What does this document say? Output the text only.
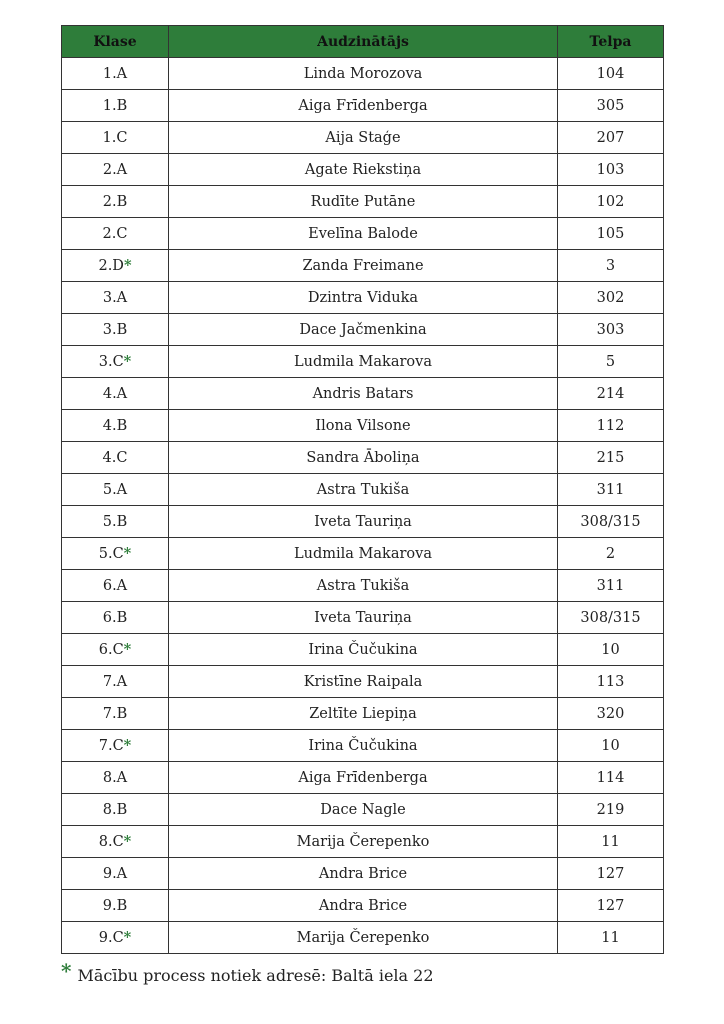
Klase	Audzinātājs	Telpa
1.A	Linda Morozova	104
1.B	Aiga Frīdenberga	305
1.C	Aija Staģe	207
2.A	Agate Riekstiņa	103
2.B	Rudīte Putāne	102
2.C	Evelīna Balode	105
2.D*	Zanda Freimane	3
3.A	Dzintra Viduka	302
3.B	Dace Jačmenkina	303
3.C*	Ludmila Makarova	5
4.A	Andris Batars	214
4.B	Ilona Vilsone	112
4.C	Sandra Āboliņa	215
5.A	Astra Tukiša	311
5.B	Iveta Tauriņa	308/315
5.C*	Ludmila Makarova	2
6.A	Astra Tukiša	311
6.B	Iveta Tauriņa	308/315
6.C*	Irina Čučukina	10
7.A	Kristīne Raipala	113
7.B	Zeltīte Liepiņa	320
7.C*	Irina Čučukina	10
8.A	Aiga Frīdenberga	114
8.B	Dace Nagle	219
8.C*	Marija Čerepenko	11
9.A	Andra Brice	127
9.B	Andra Brice	127
9.C*	Marija Čerepenko	11
* Mācību process notiek adresē: Baltā iela 22
